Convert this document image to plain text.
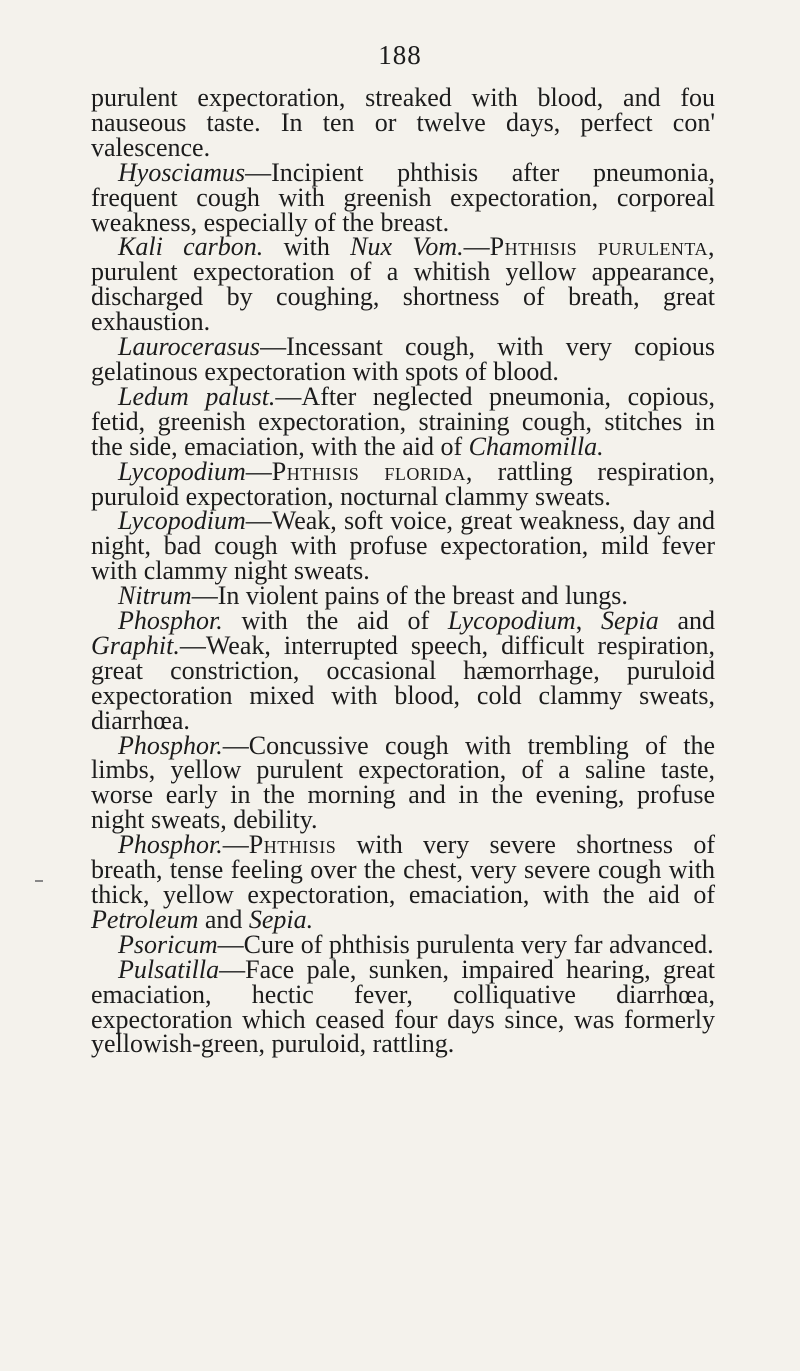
188

purulent expectoration, streaked with blood, and fou nauseous taste. In ten or twelve days, perfect con' valescence.

Hyosciamus—Incipient phthisis after pneumonia, frequent cough with greenish expectoration, corporeal weakness, especially of the breast.

Kali carbon. with Nux Vom.—Phthisis purulenta, purulent expectoration of a whitish yellow appearance, discharged by coughing, shortness of breath, great exhaustion.

Laurocerasus—Incessant cough, with very copious gelatinous expectoration with spots of blood.

Ledum palust.—After neglected pneumonia, copious, fetid, greenish expectoration, straining cough, stitches in the side, emaciation, with the aid of Chamomilla.

Lycopodium—Phthisis florida, rattling respiration, puruloid expectoration, nocturnal clammy sweats.

Lycopodium—Weak, soft voice, great weakness, day and night, bad cough with profuse expectoration, mild fever with clammy night sweats.

Nitrum—In violent pains of the breast and lungs.

Phosphor. with the aid of Lycopodium, Sepia and Graphit.—Weak, interrupted speech, difficult respiration, great constriction, occasional hæmorrhage, puruloid expectoration mixed with blood, cold clammy sweats, diarrhœa.

Phosphor.—Concussive cough with trembling of the limbs, yellow purulent expectoration, of a saline taste, worse early in the morning and in the evening, profuse night sweats, debility.

Phosphor.—Phthisis with very severe shortness of breath, tense feeling over the chest, very severe cough with thick, yellow expectoration, emaciation, with the aid of Petroleum and Sepia.

Psoricum—Cure of phthisis purulenta very far advanced.

Pulsatilla—Face pale, sunken, impaired hearing, great emaciation, hectic fever, colliquative diarrhœa, expectoration which ceased four days since, was formerly yellowish-green, puruloid, rattling.
